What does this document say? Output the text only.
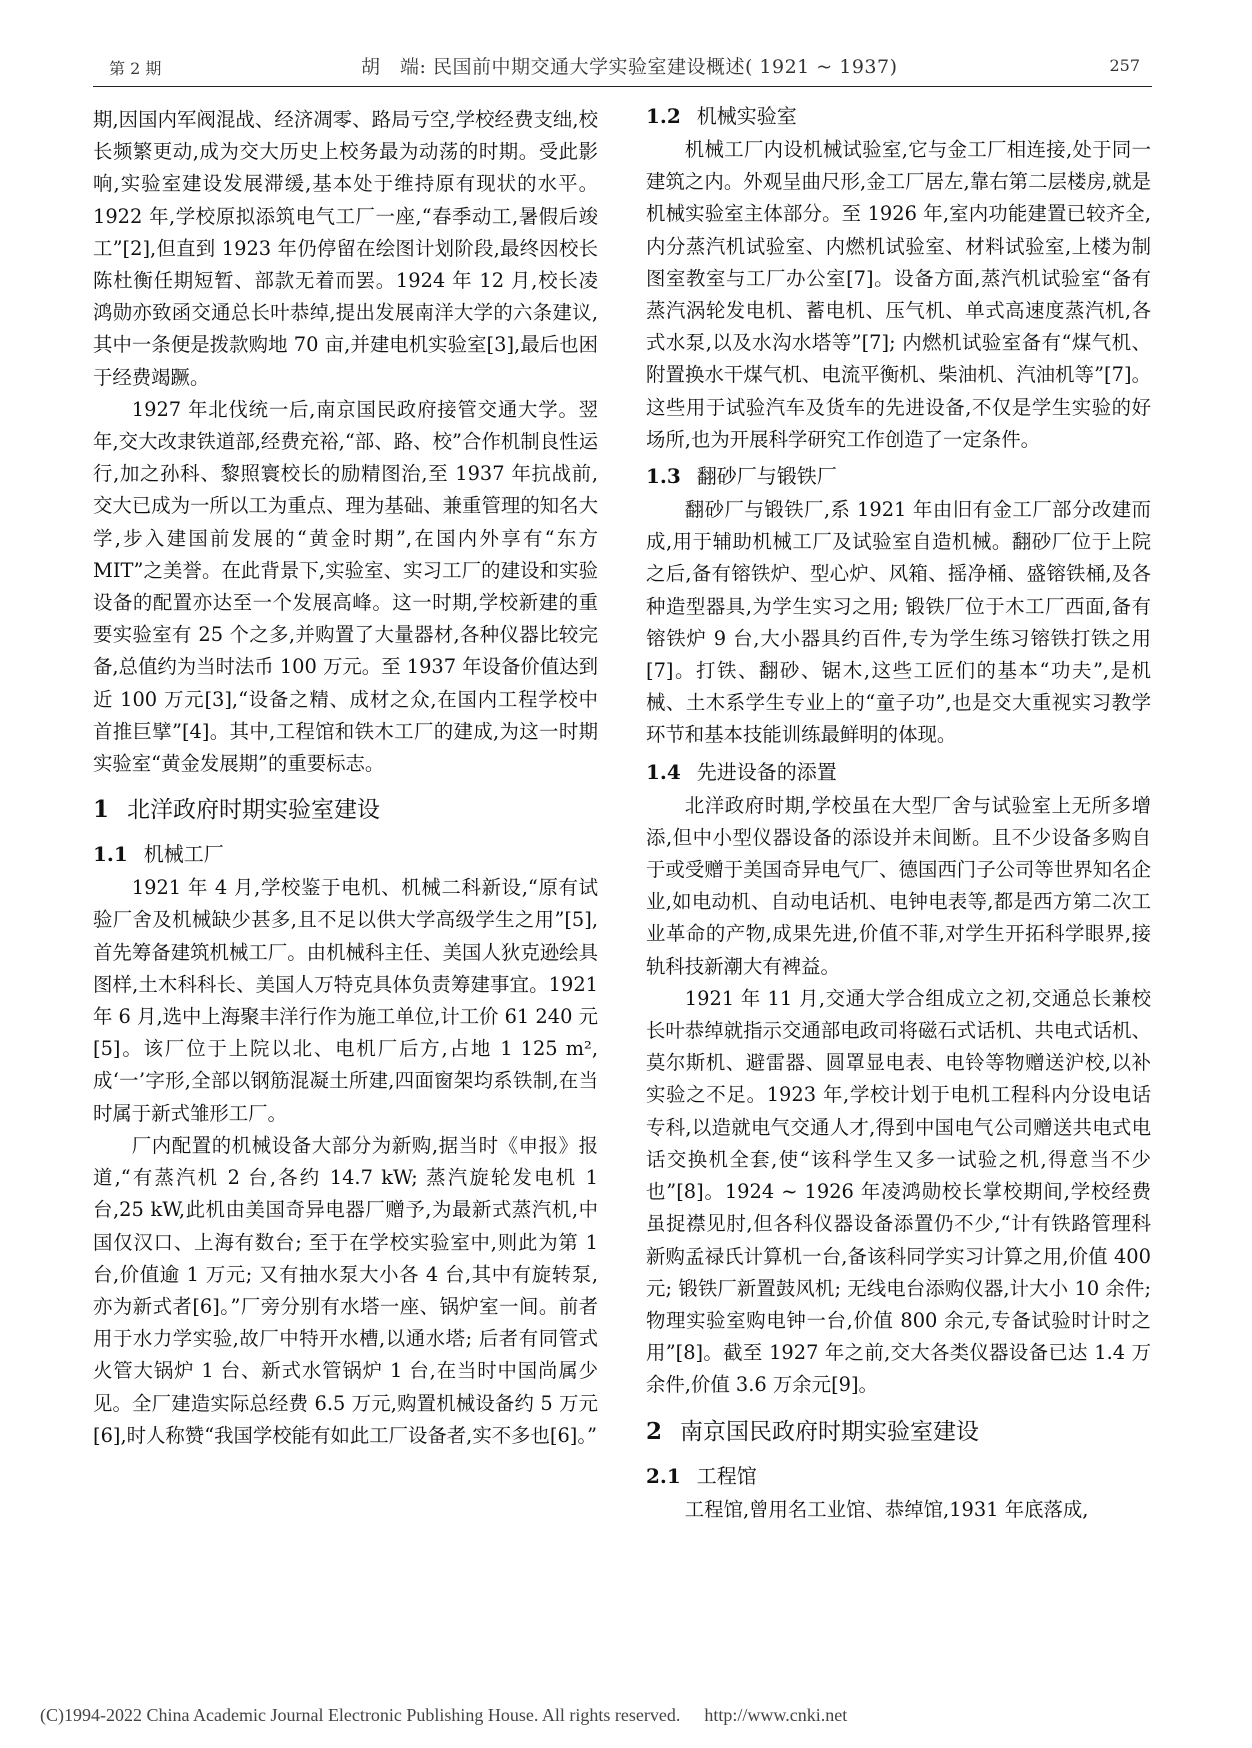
第 2 期	胡　端: 民国前中期交通大学实验室建设概述( 1921 ~ 1937)	257

期,因国内军阀混战、经济凋零、路局亏空,学校经费支绌,校长频繁更动,成为交大历史上校务最为动荡的时期。受此影响,实验室建设发展滞缓,基本处于维持原有现状的水平。1922 年,学校原拟添筑电气工厂一座,“春季动工,暑假后竣工”[2],但直到 1923 年仍停留在绘图计划阶段,最终因校长陈杜衡任期短暂、部款无着而罢。1924 年 12 月,校长凌鸿勋亦致函交通总长叶恭绰,提出发展南洋大学的六条建议,其中一条便是拨款购地 70 亩,并建电机实验室[3],最后也困于经费竭蹶。

1927 年北伐统一后,南京国民政府接管交通大学。翌年,交大改隶铁道部,经费充裕,“部、路、校”合作机制良性运行,加之孙科、黎照寰校长的励精图治,至 1937 年抗战前,交大已成为一所以工为重点、理为基础、兼重管理的知名大学,步入建国前发展的“黄金时期”,在国内外享有“东方 MIT”之美誉。在此背景下,实验室、实习工厂的建设和实验设备的配置亦达至一个发展高峰。这一时期,学校新建的重要实验室有 25 个之多,并购置了大量器材,各种仪器比较完备,总值约为当时法币 100 万元。至 1937 年设备价值达到近 100 万元[3],“设备之精、成材之众,在国内工程学校中首推巨擘”[4]。其中,工程馆和铁木工厂的建成,为这一时期实验室“黄金发展期”的重要标志。

1 北洋政府时期实验室建设
1.1 机械工厂

1921 年 4 月,学校鉴于电机、机械二科新设,“原有试验厂舍及机械缺少甚多,且不足以供大学高级学生之用”[5],首先筹备建筑机械工厂。由机械科主任、美国人狄克逊绘具图样,土木科科长、美国人万特克具体负责筹建事宜。1921 年 6 月,选中上海聚丰洋行作为施工单位,计工价 61 240 元[5]。该厂位于上院以北、电机厂后方,占地 1 125 m²,成‘一’字形,全部以钢筋混凝土所建,四面窗架均系铁制,在当时属于新式雏形工厂。

厂内配置的机械设备大部分为新购,据当时《申报》报道,“有蒸汽机 2 台,各约 14.7 kW; 蒸汽旋轮发电机 1 台,25 kW,此机由美国奇异电器厂赠予,为最新式蒸汽机,中国仅汉口、上海有数台; 至于在学校实验室中,则此为第 1 台,价值逾 1 万元; 又有抽水泵大小各 4 台,其中有旋转泵,亦为新式者[6]。”厂旁分别有水塔一座、锅炉室一间。前者用于水力学实验,故厂中特开水槽,以通水塔; 后者有同管式火管大锅炉 1 台、新式水管锅炉 1 台,在当时中国尚属少见。全厂建造实际总经费 6.5 万元,购置机械设备约 5 万元[6],时人称赞“我国学校能有如此工厂设备者,实不多也[6]。”

1.2 机械实验室

机械工厂内设机械试验室,它与金工厂相连接,处于同一建筑之内。外观呈曲尺形,金工厂居左,靠右第二层楼房,就是机械实验室主体部分。至 1926 年,室内功能建置已较齐全,内分蒸汽机试验室、内燃机试验室、材料试验室,上楼为制图室教室与工厂办公室[7]。设备方面,蒸汽机试验室“备有蒸汽涡轮发电机、蓄电机、压气机、单式高速度蒸汽机,各式水泵,以及水沟水塔等”[7]; 内燃机试验室备有“煤气机、附置换水干煤气机、电流平衡机、柴油机、汽油机等”[7]。这些用于试验汽车及货车的先进设备,不仅是学生实验的好场所,也为开展科学研究工作创造了一定条件。

1.3 翻砂厂与锻铁厂

翻砂厂与锻铁厂,系 1921 年由旧有金工厂部分改建而成,用于辅助机械工厂及试验室自造机械。翻砂厂位于上院之后,备有镕铁炉、型心炉、风箱、摇净桶、盛镕铁桶,及各种造型器具,为学生实习之用; 锻铁厂位于木工厂西面,备有镕铁炉 9 台,大小器具约百件,专为学生练习镕铁打铁之用[7]。打铁、翻砂、锯木,这些工匠们的基本“功夫”,是机械、土木系学生专业上的“童子功”,也是交大重视实习教学环节和基本技能训练最鲜明的体现。

1.4 先进设备的添置

北洋政府时期,学校虽在大型厂舍与试验室上无所多增添,但中小型仪器设备的添设并未间断。且不少设备多购自于或受赠于美国奇异电气厂、德国西门子公司等世界知名企业,如电动机、自动电话机、电钟电表等,都是西方第二次工业革命的产物,成果先进,价值不菲,对学生开拓科学眼界,接轨科技新潮大有裨益。

1921 年 11 月,交通大学合组成立之初,交通总长兼校长叶恭绰就指示交通部电政司将磁石式话机、共电式话机、莫尔斯机、避雷器、圆罩显电表、电铃等物赠送沪校,以补实验之不足。1923 年,学校计划于电机工程科内分设电话专科,以造就电气交通人才,得到中国电气公司赠送共电式电话交换机全套,使“该科学生又多一试验之机,得意当不少也”[8]。1924 ~ 1926 年凌鸿勋校长掌校期间,学校经费虽捉襟见肘,但各科仪器设备添置仍不少,“计有铁路管理科新购孟禄氏计算机一台,备该科同学实习计算之用,价值 400 元; 锻铁厂新置鼓风机; 无线电台添购仪器,计大小 10 余件; 物理实验室购电钟一台,价值 800 余元,专备试验时计时之用”[8]。截至 1927 年之前,交大各类仪器设备已达 1.4 万余件,价值 3.6 万余元[9]。

2 南京国民政府时期实验室建设
2.1 工程馆

工程馆,曾用名工业馆、恭绰馆,1931 年底落成,

(C)1994-2022 China Academic Journal Electronic Publishing House. All rights reserved. http://www.cnki.net
